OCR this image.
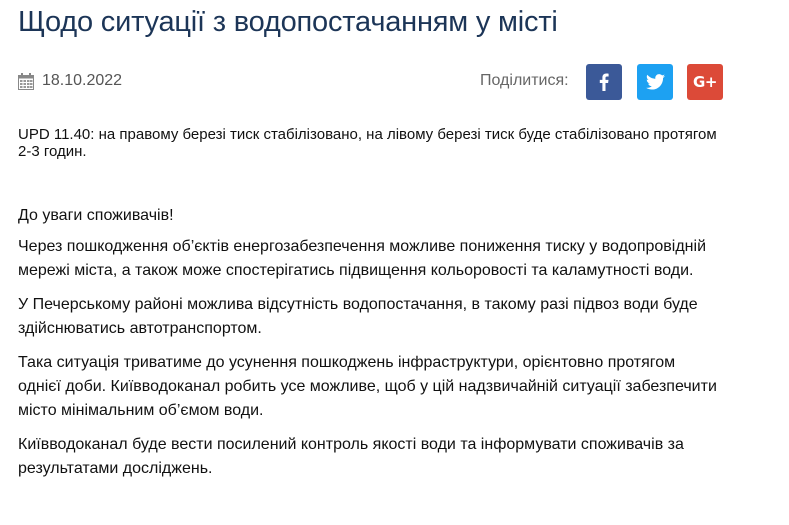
Щодо ситуації з водопостачанням у місті
18.10.2022	Поділитися:	G+

UPD 11.40: на правому березі тиск стабілізовано, на лівому березі тиск буде стабілізовано протягом 2-3 годин.

До уваги споживачів!

Через пошкодження об’єктів енергозабезпечення можливе пониження тиску у водопровідній мережі міста, а також може спостерігатись підвищення кольоровості та каламутності води.

У Печерському районі можлива відсутність водопостачання, в такому разі підвоз води буде здійснюватись автотранспортом.

Така ситуація триватиме до усунення пошкоджень інфраструктури, орієнтовно протягом однієї доби. Київводоканал робить усе можливе, щоб у цій надзвичайній ситуації забезпечити місто мінімальним об’ємом води.

Київводоканал буде вести посилений контроль якості води та інформувати споживачів за результатами досліджень.
